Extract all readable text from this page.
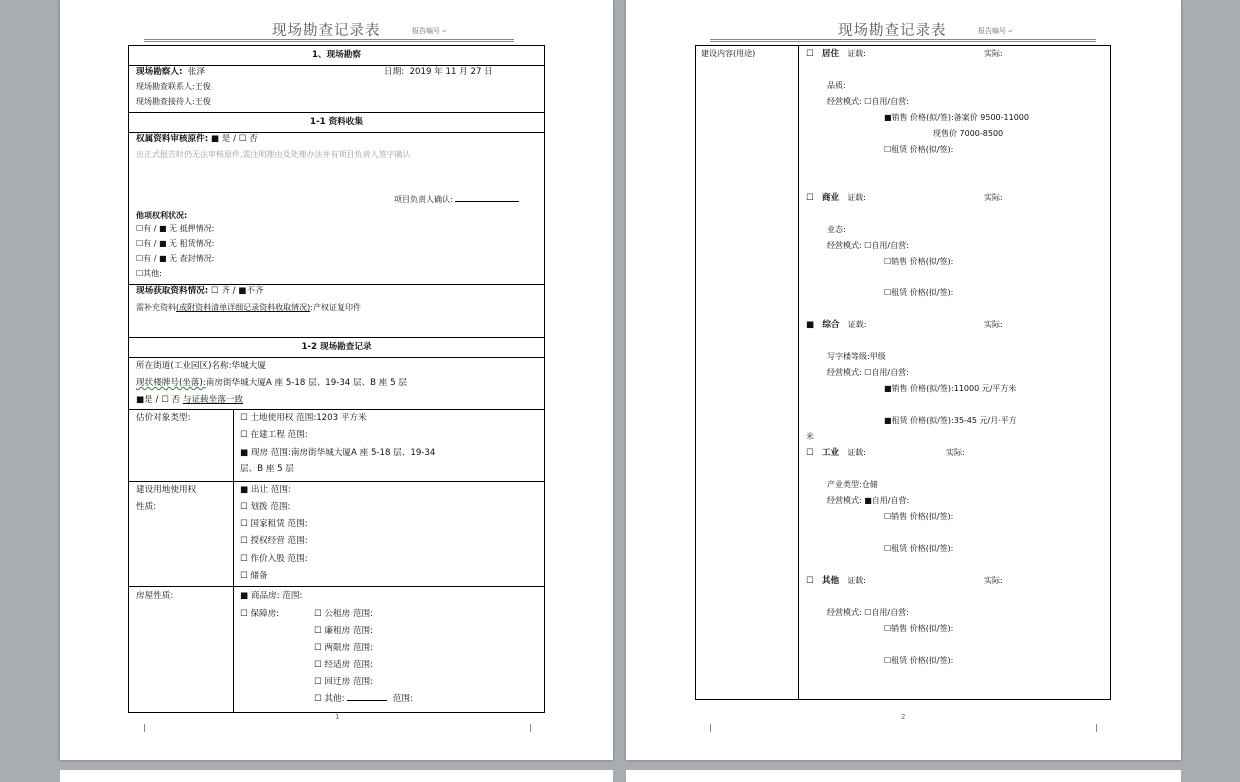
现场勘查记录表	报告编号 ↵
1、现场勘察
现场勘察人: 张泽	日期: 2019 年 11 月 27 日
现场勘查联系人:王俊
现场勘查接待人:王俊
1-1 资料收集
权属资料审核原件: ■ 是 / ☐ 否
出正式报告时仍无法审核原件,需注明理由及处理办法并有项目负责人签字确认
项目负责人确认:
他项权利状况:
☐有 / ■ 无 抵押情况:
☐有 / ■ 无 租赁情况:
☐有 / ■ 无 查封情况:
☐其他:
现场获取资料情况: ☐ 齐 / ■不齐
需补充资料(或附资料清单详细记录资料收取情况):产权证复印件
1-2 现场勘查记录
所在街道(工业园区)名称:华城大厦
现状楼牌号(坐落):南房街华城大厦A 座 5-18 层、19-34 层、B 座 5 层
■是 / ☐ 否 与证载坐落一致
估价对象类型:	☐ 土地使用权 范围:1203 平方米
☐ 在建工程 范围:
■ 现房 范围:南房街华城大厦A 座 5-18 层、19-34
层、B 座 5 层
建设用地使用权
性质:
■ 出让 范围:
☐ 划拨 范围:
☐ 国家租赁 范围:
☐ 授权经营 范围:
☐ 作价入股 范围:
☐ 储备
房屋性质:	■ 商品房: 范围:
☐ 保障房:	☐ 公租房 范围:
☐ 廉租房 范围:
☐ 两限房 范围:
☐ 经适房 范围:
☐ 回迁房 范围:
1
☐ 其他:	范围:
现场勘查记录表	报告编号 ↵
建设内容(用途)	☐   居住 证载:	实际:
品质:
经营模式: ☐自用/自营:
■销售 价格(拟/签):备案价 9500-11000
现售价 7000-8500
☐租赁 价格(拟/签):
☐   商业 证载:	实际:
业态:
经营模式: ☐自用/自营:
☐销售 价格(拟/签):
☐租赁 价格(拟/签):
■   综合 证载:	实际:
写字楼等级:甲级
经营模式: ☐自用/自营:
■销售 价格(拟/签):11000 元/平方米
■租赁 价格(拟/签):35-45 元/月·平方
米
☐   工业 证载:	实际:
产业类型:仓储
经营模式: ■自用/自营:
☐销售 价格(拟/签):
☐租赁 价格(拟/签):
☐   其他 证载:	实际:
经营模式: ☐自用/自营:
☐销售 价格(拟/签):
☐租赁 价格(拟/签):
2
